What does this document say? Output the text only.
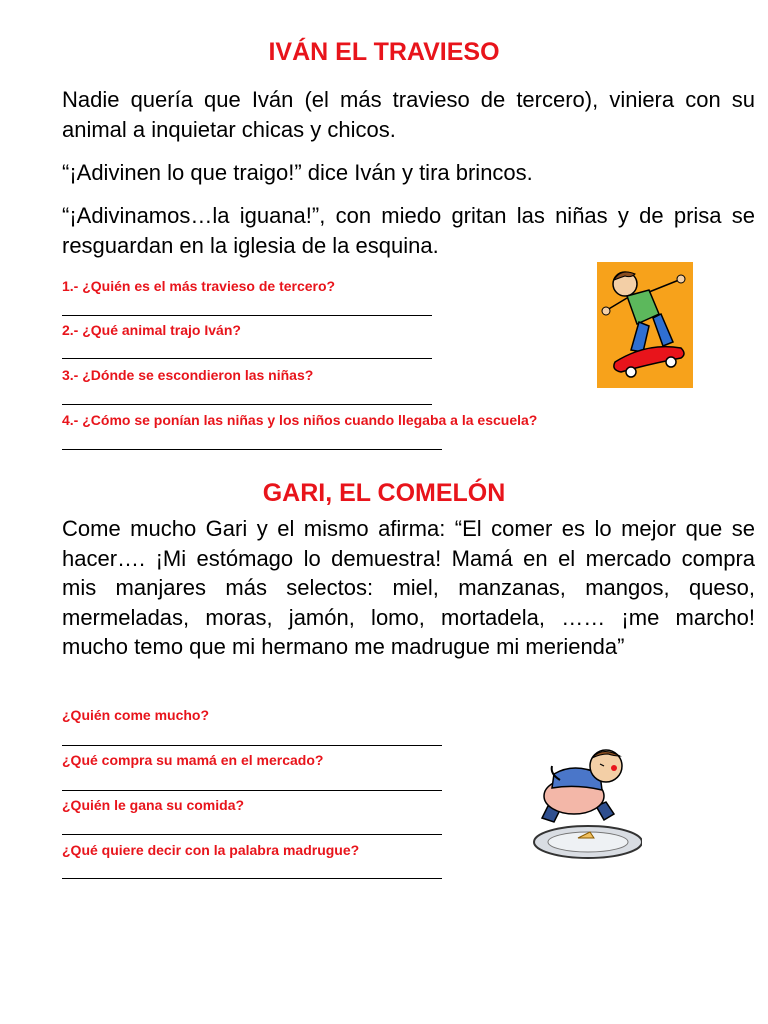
IVÁN EL TRAVIESO

Nadie quería que Iván (el más travieso de tercero), viniera con su animal a inquietar chicas y chicos.

“¡Adivinen lo que traigo!” dice Iván y tira brincos.

“¡Adivinamos…la iguana!”, con miedo gritan las niñas y de prisa se resguardan en la iglesia de la esquina.

1.- ¿Quién es el más travieso de tercero?

2.- ¿Qué animal trajo Iván?

3.- ¿Dónde se escondieron las niñas?

4.- ¿Cómo se ponían las niñas y los niños cuando llegaba a la escuela?

GARI, EL COMELÓN

Come mucho Gari y el mismo afirma: “El comer es lo mejor que se hacer…. ¡Mi estómago lo demuestra! Mamá en el mercado compra mis manjares más selectos: miel, manzanas, mangos, queso, mermeladas, moras, jamón, lomo, mortadela, …… ¡me marcho! mucho temo que mi hermano me madrugue mi merienda”

¿Quién come mucho?

¿Qué compra su mamá en el mercado?

¿Quién le gana su comida?

¿Qué quiere decir con la palabra madrugue?
